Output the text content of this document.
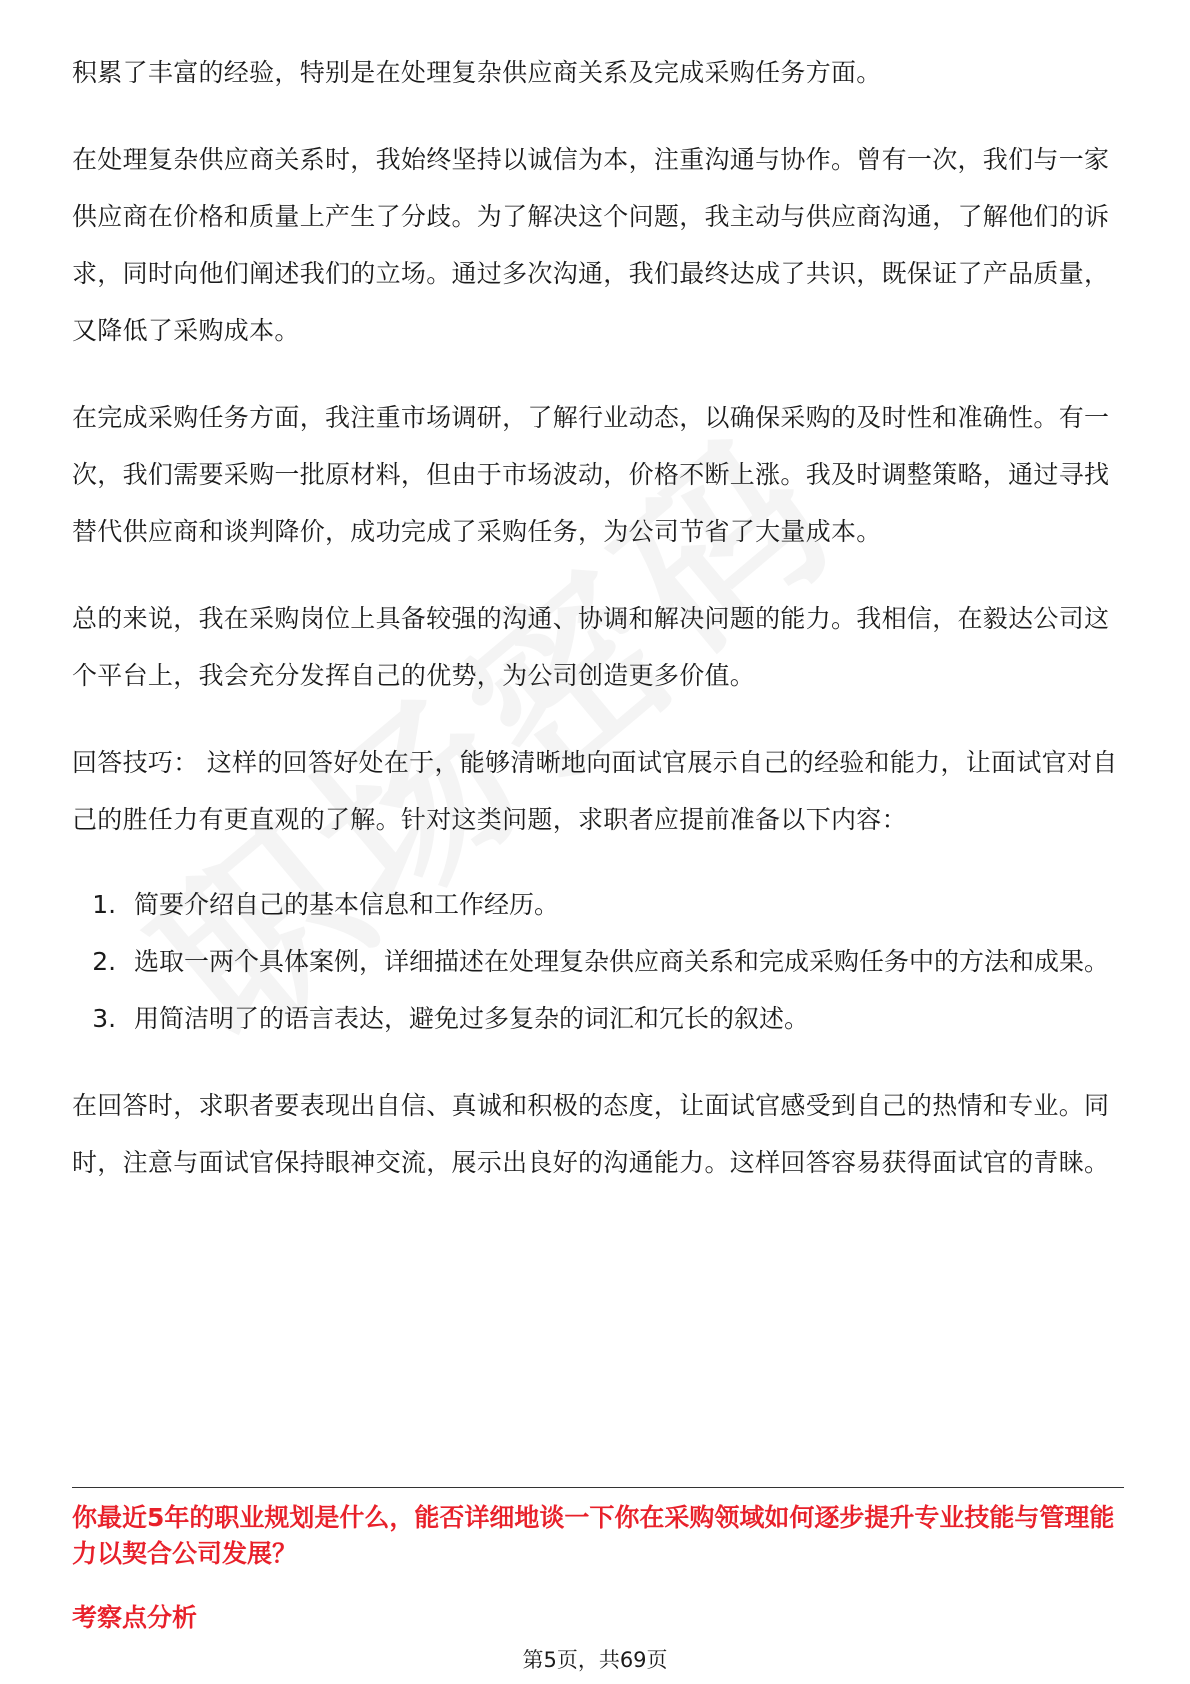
积累了丰富的经验，特别是在处理复杂供应商关系及完成采购任务方面。

在处理复杂供应商关系时，我始终坚持以诚信为本，注重沟通与协作。曾有一次，我们与一家供应商在价格和质量上产生了分歧。为了解决这个问题，我主动与供应商沟通，了解他们的诉求，同时向他们阐述我们的立场。通过多次沟通，我们最终达成了共识，既保证了产品质量，又降低了采购成本。

在完成采购任务方面，我注重市场调研，了解行业动态，以确保采购的及时性和准确性。有一次，我们需要采购一批原材料，但由于市场波动，价格不断上涨。我及时调整策略，通过寻找替代供应商和谈判降价，成功完成了采购任务，为公司节省了大量成本。

总的来说，我在采购岗位上具备较强的沟通、协调和解决问题的能力。我相信，在毅达公司这个平台上，我会充分发挥自己的优势，为公司创造更多价值。

回答技巧： 这样的回答好处在于，能够清晰地向面试官展示自己的经验和能力，让面试官对自己的胜任力有更直观的了解。针对这类问题，求职者应提前准备以下内容：

1. 简要介绍自己的基本信息和工作经历。
2. 选取一两个具体案例，详细描述在处理复杂供应商关系和完成采购任务中的方法和成果。
3. 用简洁明了的语言表达，避免过多复杂的词汇和冗长的叙述。

在回答时，求职者要表现出自信、真诚和积极的态度，让面试官感受到自己的热情和专业。同时，注意与面试官保持眼神交流，展示出良好的沟通能力。这样回答容易获得面试官的青睐。

你最近5年的职业规划是什么，能否详细地谈一下你在采购领域如何逐步提升专业技能与管理能力以契合公司发展？

考察点分析

第5页，共69页
